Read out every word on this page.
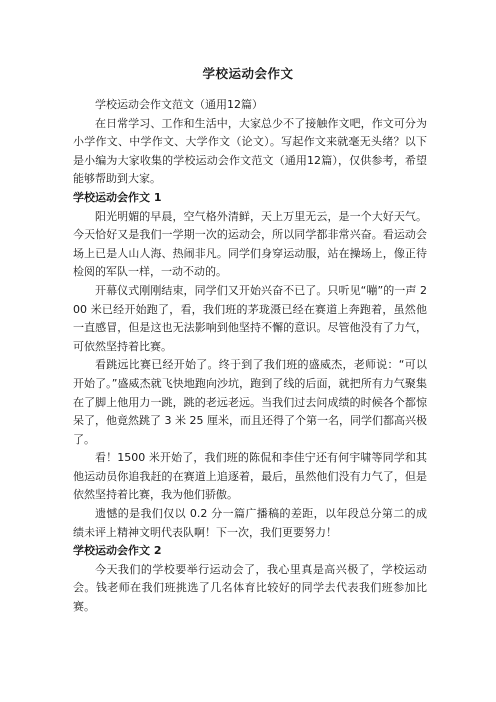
学校运动会作文

学校运动会作文范文（通用12篇）

在日常学习、工作和生活中，大家总少不了接触作文吧，作文可分为小学作文、中学作文、大学作文（论文）。写起作文来就毫无头绪？以下是小编为大家收集的学校运动会作文范文（通用12篇），仅供参考，希望能够帮助到大家。

学校运动会作文 1

阳光明媚的早晨，空气格外清鲜，天上万里无云，是一个大好天气。今天恰好又是我们一学期一次的运动会，所以同学都非常兴奋。看运动会场上已是人山人海、热闹非凡。同学们身穿运动服，站在操场上，像正待检阅的军队一样，一动不动的。

开幕仪式刚刚结束，同学们又开始兴奋不已了。只听见“嘣”的一声 200 米已经开始跑了，看，我们班的茅珑滠已经在赛道上奔跑着，虽然他一直感冒，但是这也无法影响到他坚持不懈的意识。尽管他没有了力气，可依然坚持着比赛。

看跳远比赛已经开始了。终于到了我们班的盛威杰，老师说：“可以开始了。”盛威杰就飞快地跑向沙坑，跑到了线的后面，就把所有力气聚集在了脚上他用力一跳，跳的老远老远。当我们过去问成绩的时候各个都惊呆了，他竟然跳了 3 米 25 厘米，而且还得了个第一名，同学们都高兴极了。

看！1500 米开始了，我们班的陈侃和李佳宁还有何宇啸等同学和其他运动员你追我赶的在赛道上追逐着，最后，虽然他们没有力气了，但是依然坚持着比赛，我为他们骄傲。

遗憾的是我们仅以 0.2 分一篇广播稿的差距，以年段总分第二的成绩未评上精神文明代表队啊！下一次，我们更要努力！

学校运动会作文 2

今天我们的学校要举行运动会了，我心里真是高兴极了，学校运动会。钱老师在我们班挑选了几名体育比较好的同学去代表我们班参加比赛。
